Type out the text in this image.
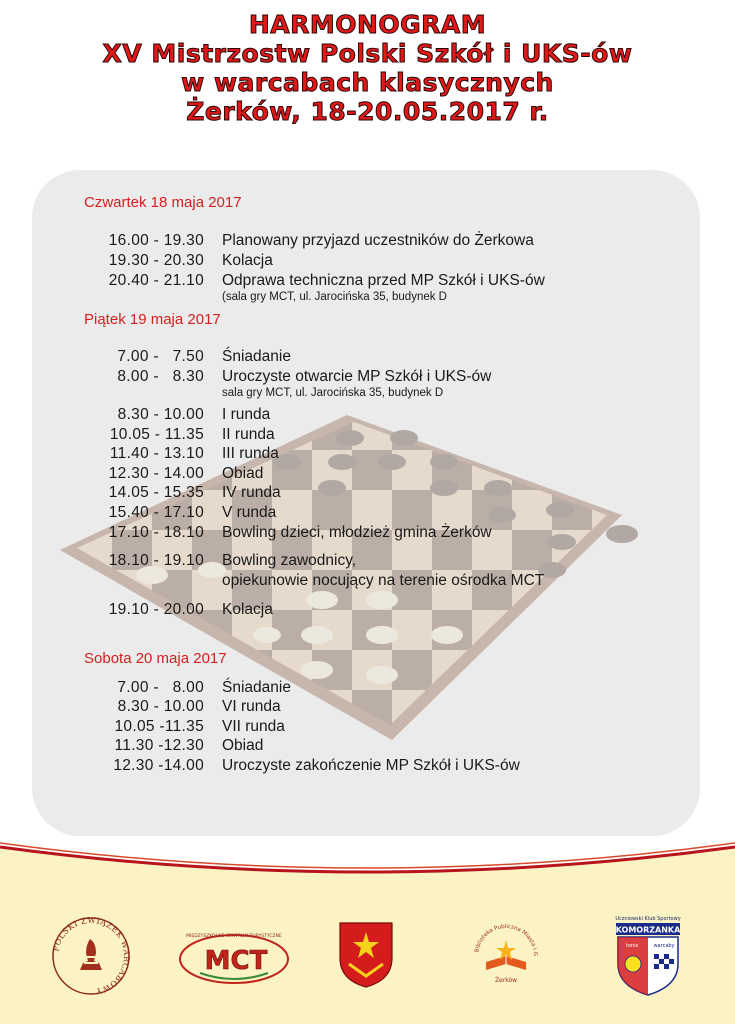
HARMONOGRAM
XV Mistrzostw Polski Szkół i UKS-ów
w warcabach klasycznych
Żerków, 18-20.05.2017 r.
Czwartek 18 maja 2017
16.00 - 19.30 Planowany przyjazd uczestników do Żerkowa
19.30 - 20.30 Kolacja
20.40 - 21.10 Odprawa techniczna przed MP Szkół i UKS-ów
(sala gry MCT, ul. Jarocińska 35, budynek D
Piątek 19 maja 2017
7.00 -   7.50 Śniadanie
8.00 -   8.30 Uroczyste otwarcie MP Szkół i UKS-ów
sala gry MCT, ul. Jarocińska 35, budynek D
8.30 - 10.00 I runda
10.05 - 11.35 II runda
11.40 - 13.10 III runda
12.30 - 14.00 Obiad
14.05 - 15.35 IV runda
15.40 - 17.10 V runda
17.10 - 18.10 Bowling dzieci, młodzież gmina Żerków
18.10 - 19.10 Bowling zawodnicy,
opiekunowie nocujący na terenie ośrodka MCT
19.10 - 20.00 Kolacja
Sobota 20 maja 2017
7.00 -   8.00 Śniadanie
8.30 - 10.00 VI runda
10.05 -11.35 VII runda
11.30 -12.30 Obiad
12.30 -14.00 Uroczyste zakończenie MP Szkół i UKS-ów
POLSKI ZWIĄZEK WARCABOWY
MIĘDZYSZKOLNE CENTRUM TURYSTYCZNE
MCT	Biblioteka Publiczna Miasta i G
Żerków
Uczniowski Klub Sportowy
KOMORZANKA
tenis	warcaby
